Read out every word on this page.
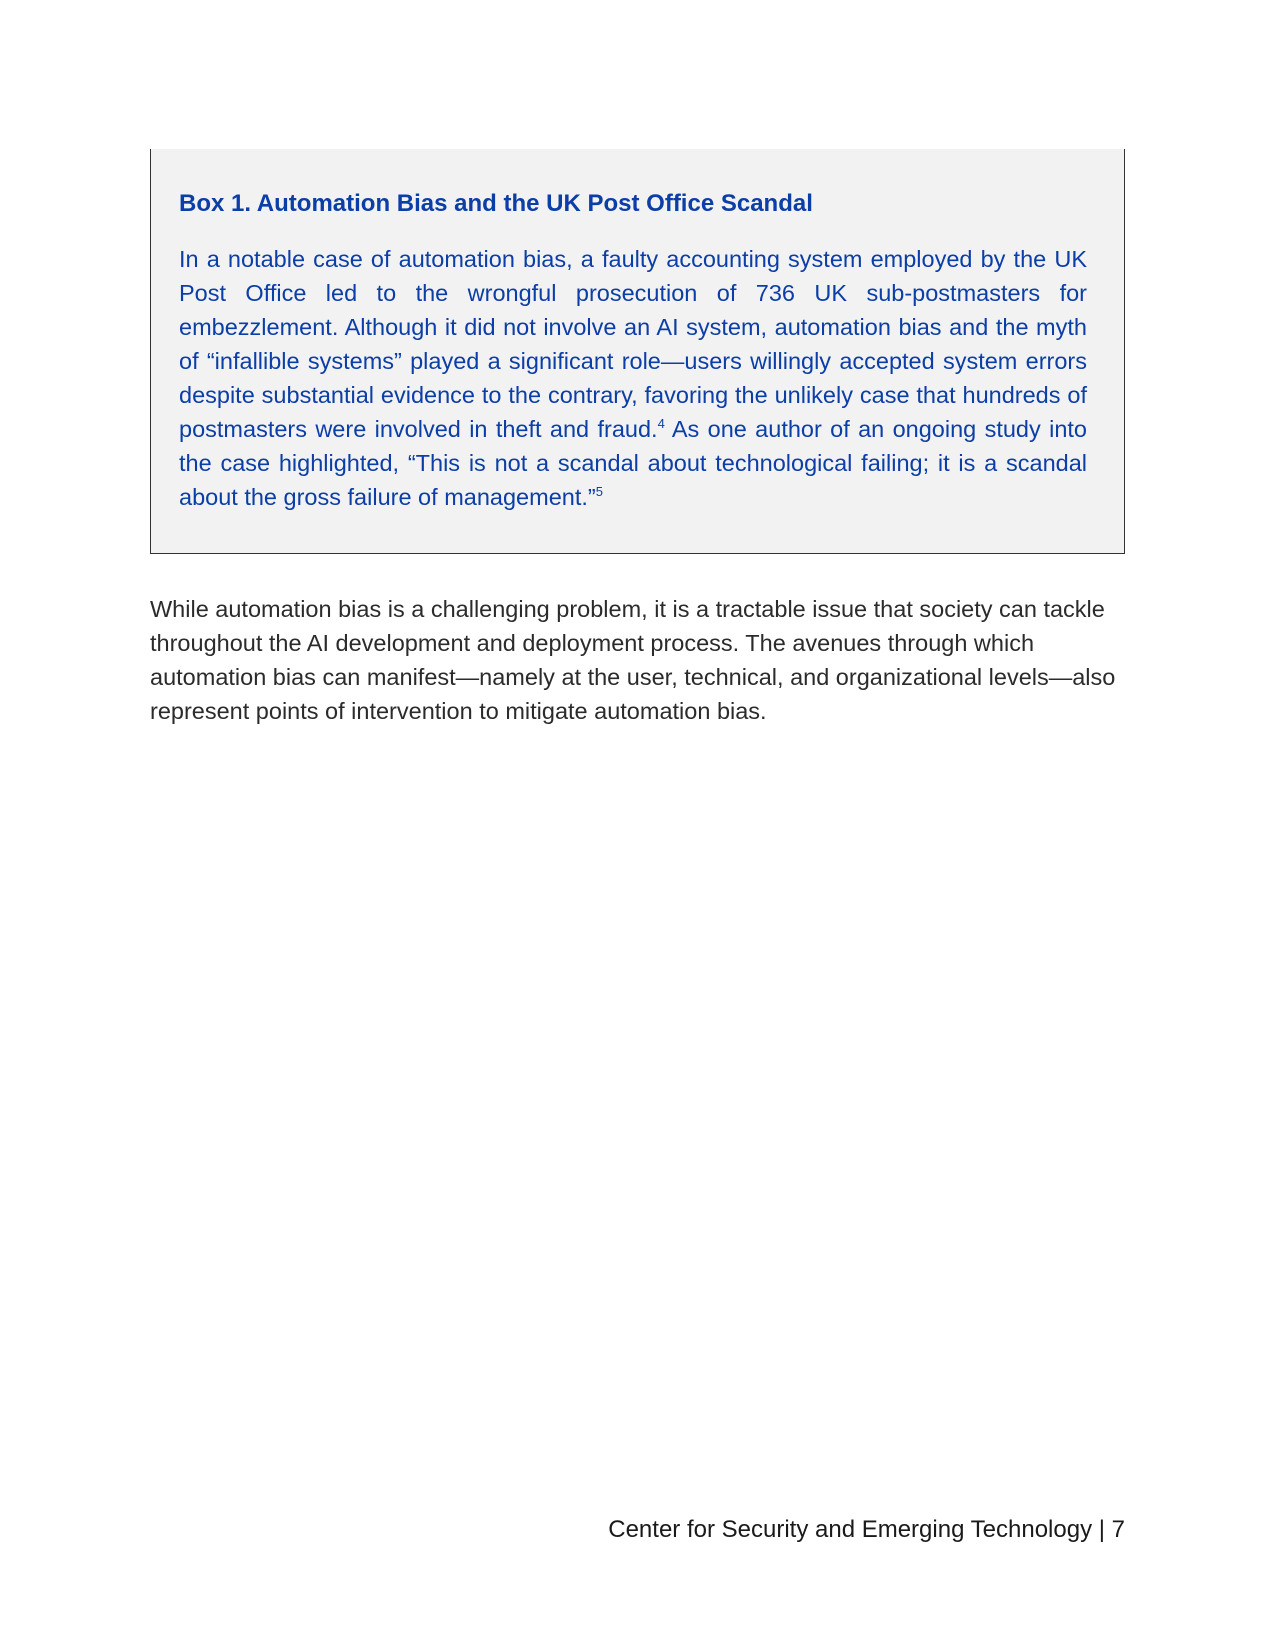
Box 1. Automation Bias and the UK Post Office Scandal

In a notable case of automation bias, a faulty accounting system employed by the UK Post Office led to the wrongful prosecution of 736 UK sub-postmasters for embezzlement. Although it did not involve an AI system, automation bias and the myth of “infallible systems” played a significant role—users willingly accepted system errors despite substantial evidence to the contrary, favoring the unlikely case that hundreds of postmasters were involved in theft and fraud.$^4$ As one author of an ongoing study into the case highlighted, “This is not a scandal about technological failing; it is a scandal about the gross failure of management.”$^5$

While automation bias is a challenging problem, it is a tractable issue that society can tackle throughout the AI development and deployment process. The avenues through which automation bias can manifest—namely at the user, technical, and organizational levels—also represent points of intervention to mitigate automation bias.

Center for Security and Emerging Technology | 7
